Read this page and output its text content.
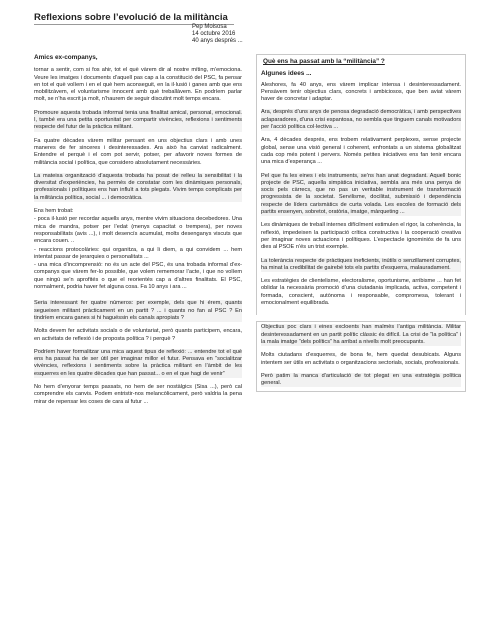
Reflexions sobre l’evolució de la militància
Pep Moisosa
14 octubre 2016
40 anys després ...

Amics ex-companys,

tornar a sentir, com si fos ahir, tot el què vàrem dir al nostre míting, m’emociona. Veure les imatges i documents d’aquell pas cap a la constitució del PSC, fa pensar en tot el què volíem i en el què hem aconseguit, en la il·lusió i ganes amb que ens mobilitzàvem, el voluntarisme innocent amb què treballàvem. En podríem parlar molt, se n’ha escrit ja molt, n’haurem de seguir discutint molt temps encara.

Promoure aquesta trobada informal tenia una finalitat amical, personal, emocional. I, també era una petita oportunitat per compartir vivències, reflexions i sentiments respecte del futur de la pràctica militant.

Fa quatre dècades vàrem militar pensant en uns objectius clars i amb unes maneres de fer sinceres i desinteressades. Ara això ha canviat radicalment. Entendre el perquè i el com pot servir, potser, per afavorir noves formes de militància social i política, que considero absolutament necessàries.

La mateixa organització d’aquesta trobada ha posat de relleu la sensibilitat i la diversitat d’experiències, ha permès de constatar com les dinàmiques personals, professionals i polítiques ens han influït a tots plegats. Vivim temps complicats per la militància política, social ... i democràtica.

Ens hem trobat:

- poca il·lusió per recordar aquells anys, mentre vivim situacions decebedores. Una mica de mandra, potser per l’edat (menys capacitat o trempera), per noves responsabilitats (avis ...), i molt desencís acumulat, molts desenganys viscuts que encara couen. ..
- reaccions protocolàries: qui organitza, a qui li diem, a qui convidem ... hem intentat passar de jerarquies o personalitats ...
- una mica d’incomprensió: no és un acte del PSC, és una trobada informal d’ex-companys que vàrem fer-lo possible, que volem rememorar l’acte, i que no volíem que ningú se’n aprofités o que el reorientés cap a d’altres finalitats. El PSC, normalment, podria haver fet alguna cosa. Fa 10 anys i ara ...

Seria interessant fer quatre números: per exemple, dels que hi érem, quants segueixen militant pràcticament en un partit ? ... i quants no fan al PSC ? En tindríem encara ganes si hi haguéssin els canals apropiats ?

Molts devem fer activitats socials o de voluntariat, però quants participem, encara, en activitats de reflexió i de proposta política ? i perquè ?

Podríem haver formalitzar una mica aquest tipus de reflexió: ... entendre tot el què ens ha passat ha de ser útil per imaginar millor el futur. Pensava en “socialitzar vivències, reflexions i sentiments sobre la pràctica militant en l’àmbit de les esquerres en les quatre dècades que han passat... o en el que hagi de venir”

No hem d’enyorar temps passats, no hem de ser nostàlgics (Sisa ...), però cal comprendre els canvis. Podem entristir-nos melancòlicament, però valdria la pena mirar de repensar les coses de cara al futur ...

Què ens ha passat amb la “militància” ?

Algunes idees ...

Aleshores, fa 40 anys, ens vàrem implicar intensa i desinteressadament. Pensàvem tenir objectius clars, concrets i ambiciosos, que ben aviat vàrem haver de concretar i adaptar.

Ara, després d’uns anys de penosa degradació democràtica, i amb perspectives aclaparadores, d’una crisi espantosa, no sembla que tinguem canals motivadors per l’acció política col·lectiva ...

Ara, 4 dècades després, ens trobem relativament perplexes, sense projecte global, sense una visió general i coherent, enfrontats a un sistema globalitzat cada cop més potent i pervers. Només petites iniciatives ens fan tenir encara una mica d’esperança ...

Pel que fa les eines i els instruments, se’ns han anat degradant. Aquell bonic projecte de PSC, aquella simpàtica iniciativa, sembla ara més una penya de socis pels càrrecs, que no pas un veritable instrument de transformació progressista de la societat. Servilisme, docilitat, submissió i dependència respecte de líders carismàtics de curta volada. Les escoles de formació dels partits ensenyen, sobretot, oratòria, imatge, màrqueting ...

Les dinàmiques de treball internes difícilment estimulen el rigor, la coherència, la reflexió, impedeixen la participació crítica constructiva i la cooperació creativa per imaginar noves actuacions i polítiques. L’espectacle ignominiós de fa uns dies al PSOE n’és un trist exemple.

La tolerància respecte de pràctiques ineficients, inútils o senzillament corruptes, ha minat la credibilitat de gairebé tots els partits d’esquerra, malauradament.

Les estratègies de clientelisme, electoralisme, oportunisme, arribisme ... han fet oblidar la necessària promoció d’una ciutadania implicada, activa, competent i formada, conscient, autònoma i responsable, compromesa, tolerant i emocionalment equilibrada.

Objectius poc clars i eines excloents han malmès l’antiga militància. Militar desinteressadament en un partit polític clàssic és difícil. La crisi de “la política” i la mala imatge “dels polítics” ha arribat a nivells molt preocupants.

Molts ciutadans d’esquerres, de bona fe, hem quedat desubicats. Alguns intentem ser útils en activitats o organitzacions sectorials, socials, professionals.

Però patim la manca d’articulació de tot plegat en una estratègia política general.
